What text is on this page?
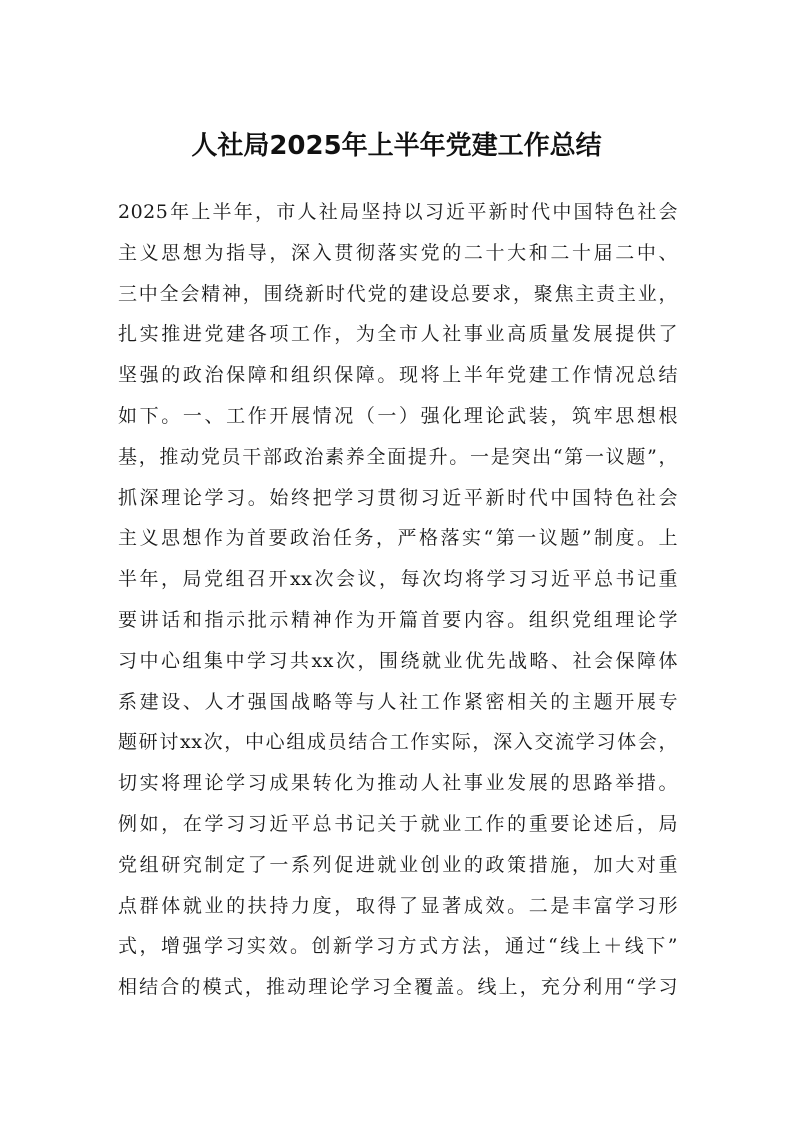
人社局2025年上半年党建工作总结
2025年上半年，市人社局坚持以习近平新时代中国特色社会
主义思想为指导，深入贯彻落实党的二十大和二十届二中、
三中全会精神，围绕新时代党的建设总要求，聚焦主责主业，
扎实推进党建各项工作，为全市人社事业高质量发展提供了
坚强的政治保障和组织保障。现将上半年党建工作情况总结
如下。一、工作开展情况（一）强化理论武装，筑牢思想根
基，推动党员干部政治素养全面提升。一是突出“第一议题”，
抓深理论学习。始终把学习贯彻习近平新时代中国特色社会
主义思想作为首要政治任务，严格落实“第一议题”制度。上
半年，局党组召开xx次会议，每次均将学习习近平总书记重
要讲话和指示批示精神作为开篇首要内容。组织党组理论学
习中心组集中学习共xx次，围绕就业优先战略、社会保障体
系建设、人才强国战略等与人社工作紧密相关的主题开展专
题研讨xx次，中心组成员结合工作实际，深入交流学习体会，
切实将理论学习成果转化为推动人社事业发展的思路举措。
例如，在学习习近平总书记关于就业工作的重要论述后，局
党组研究制定了一系列促进就业创业的政策措施，加大对重
点群体就业的扶持力度，取得了显著成效。二是丰富学习形
式，增强学习实效。创新学习方式方法，通过“线上＋线下”
相结合的模式，推动理论学习全覆盖。线上，充分利用“学习
